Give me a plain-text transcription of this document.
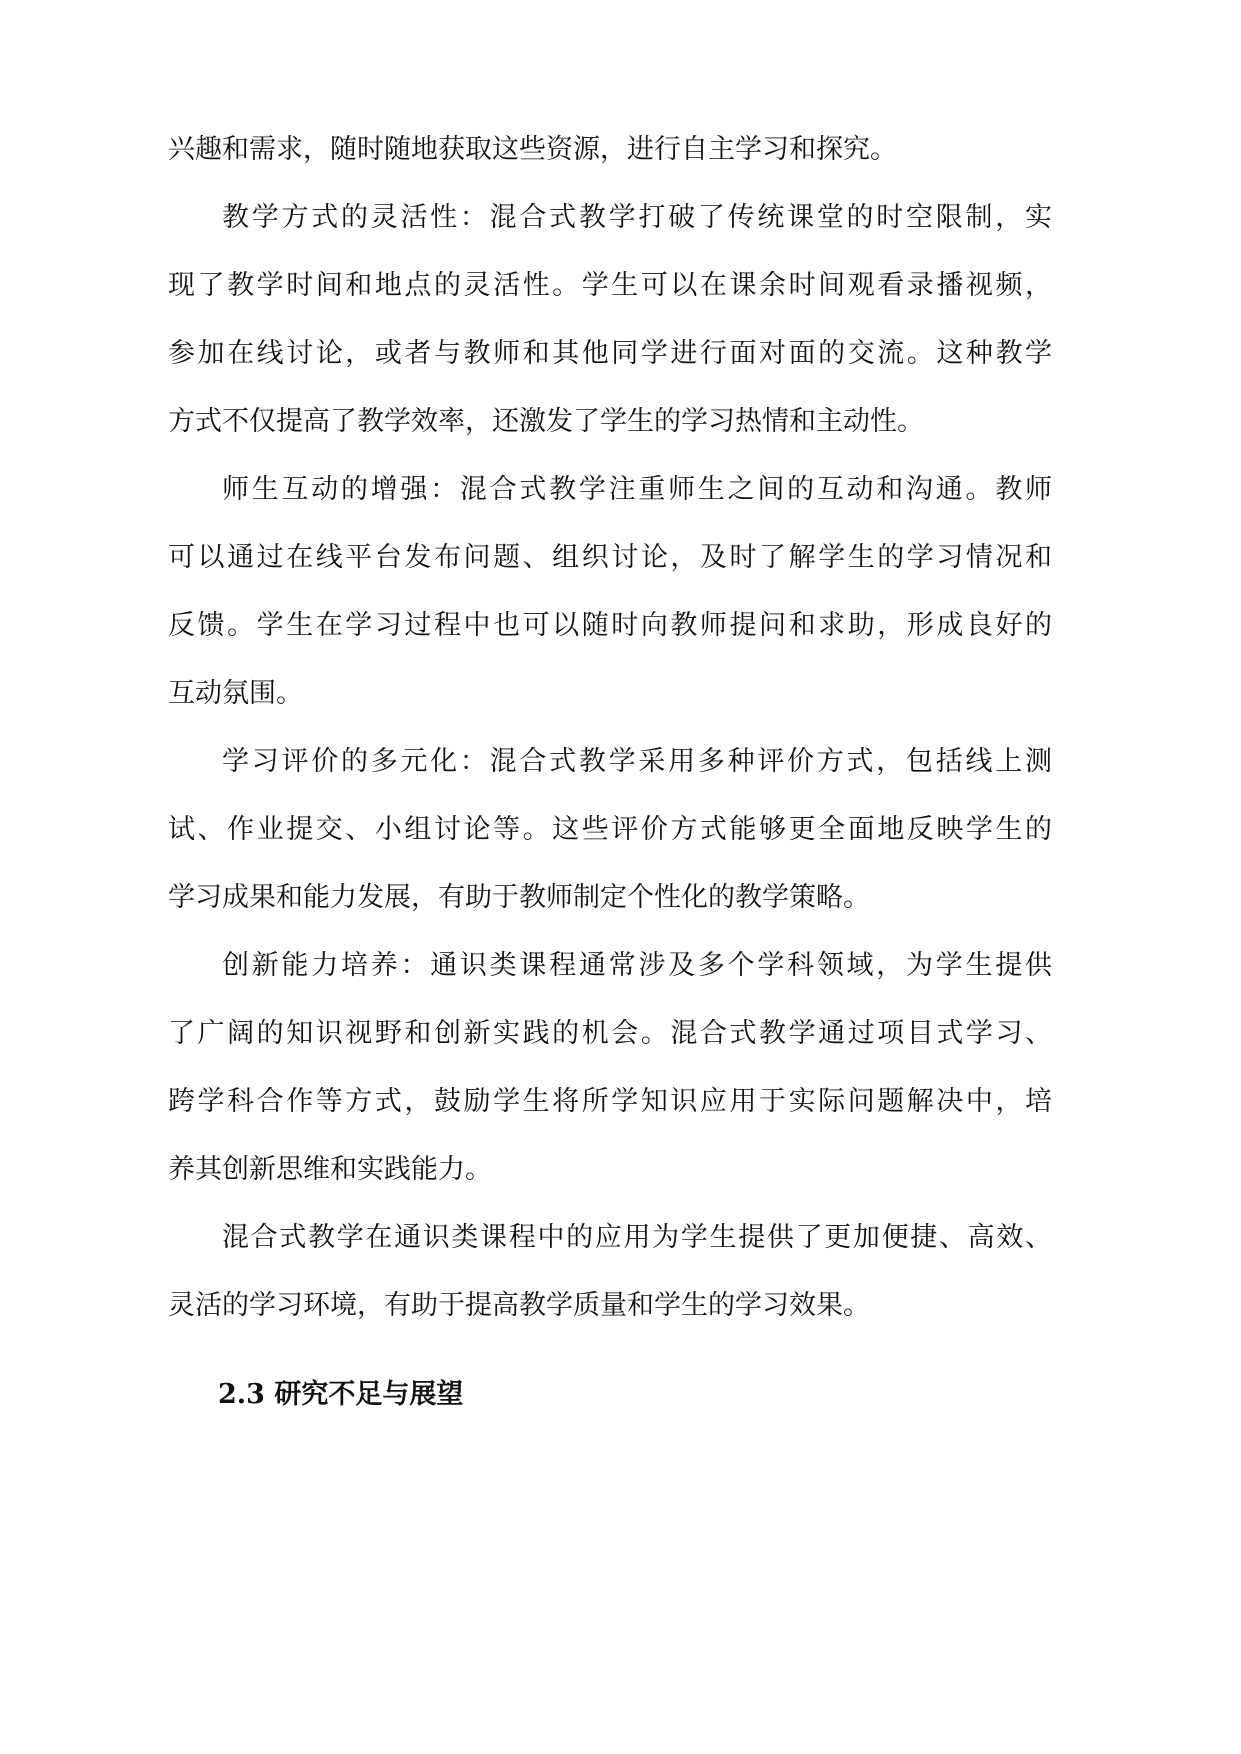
兴趣和需求，随时随地获取这些资源，进行自主学习和探究。
教学方式的灵活性：混合式教学打破了传统课堂的时空限制，实
现了教学时间和地点的灵活性。学生可以在课余时间观看录播视频，
参加在线讨论，或者与教师和其他同学进行面对面的交流。这种教学
方式不仅提高了教学效率，还激发了学生的学习热情和主动性。
师生互动的增强：混合式教学注重师生之间的互动和沟通。教师
可以通过在线平台发布问题、组织讨论，及时了解学生的学习情况和
反馈。学生在学习过程中也可以随时向教师提问和求助，形成良好的
互动氛围。
学习评价的多元化：混合式教学采用多种评价方式，包括线上测
试、作业提交、小组讨论等。这些评价方式能够更全面地反映学生的
学习成果和能力发展，有助于教师制定个性化的教学策略。
创新能力培养：通识类课程通常涉及多个学科领域，为学生提供
了广阔的知识视野和创新实践的机会。混合式教学通过项目式学习、
跨学科合作等方式，鼓励学生将所学知识应用于实际问题解决中，培
养其创新思维和实践能力。
混合式教学在通识类课程中的应用为学生提供了更加便捷、高效、
灵活的学习环境，有助于提高教学质量和学生的学习效果。
2.3 研究不足与展望
